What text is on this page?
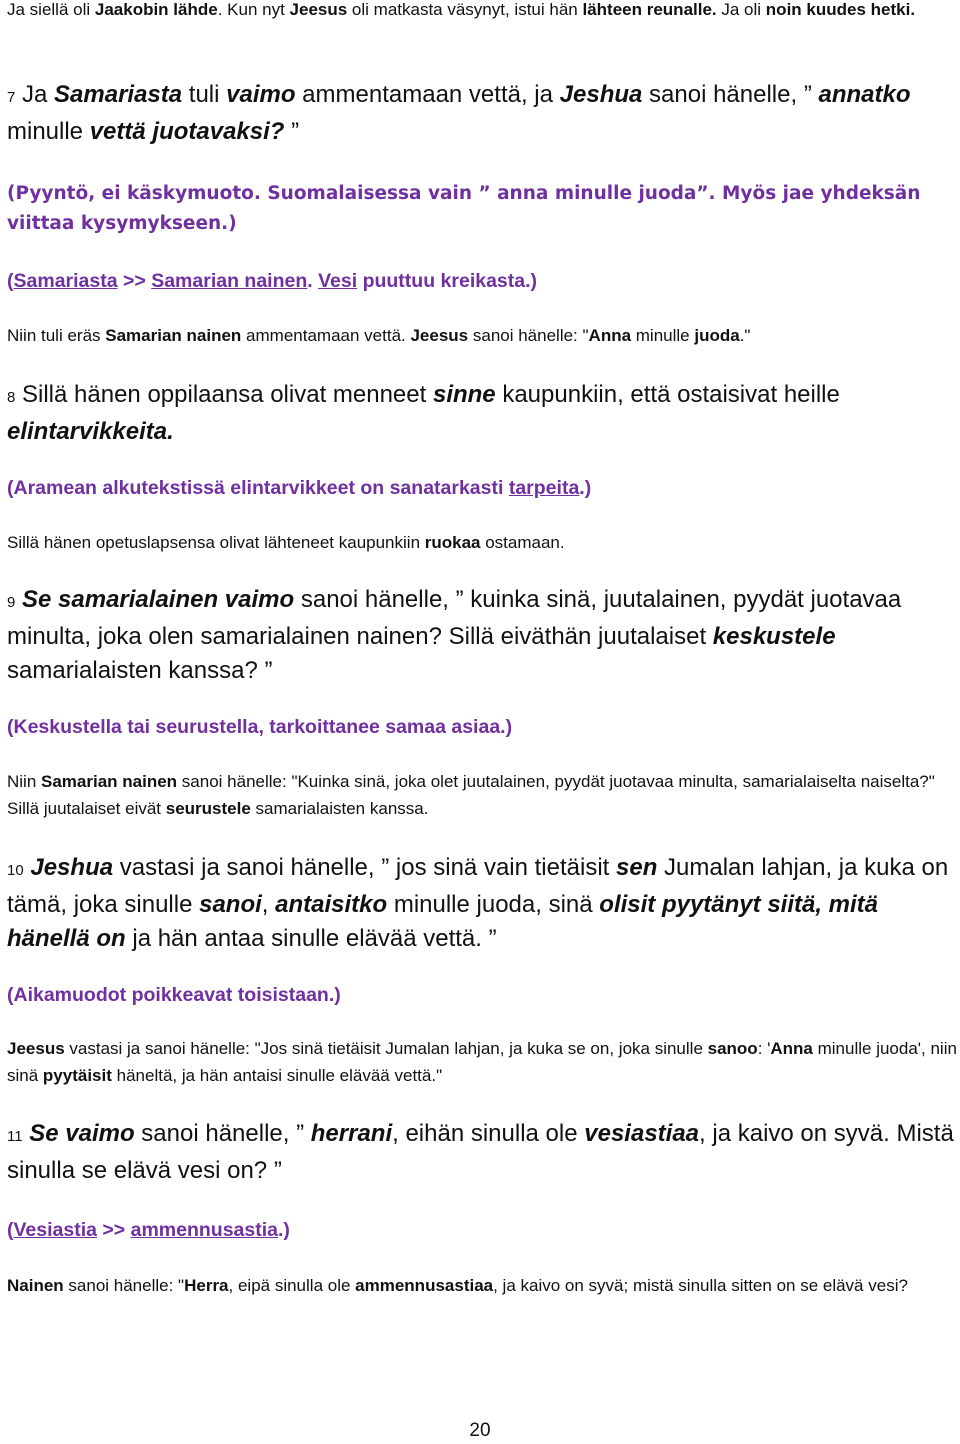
Ja siellä oli Jaakobin lähde. Kun nyt Jeesus oli matkasta väsynyt, istui hän lähteen reunalle. Ja oli noin kuudes hetki.

7 Ja Samariasta tuli vaimo ammentamaan vettä, ja Jeshua sanoi hänelle, ” annatko minulle vettä juotavaksi? ”

(Pyyntö, ei käskymuoto. Suomalaisessa vain ” anna minulle juoda”. Myös jae yhdeksän viittaa kysymykseen.)

(Samariasta >> Samarian nainen. Vesi puuttuu kreikasta.)

Niin tuli eräs Samarian nainen ammentamaan vettä. Jeesus sanoi hänelle: "Anna minulle juoda."

8 Sillä hänen oppilaansa olivat menneet sinne kaupunkiin, että ostaisivat heille elintarvikkeita.

(Aramean alkutekstissä elintarvikkeet on sanatarkasti tarpeita.)

Sillä hänen opetuslapsensa olivat lähteneet kaupunkiin ruokaa ostamaan.

9 Se samarialainen vaimo sanoi hänelle, ” kuinka sinä, juutalainen, pyydät juotavaa minulta, joka olen samarialainen nainen? Sillä eiväthän juutalaiset keskustele samarialaisten kanssa? ”

(Keskustella tai seurustella, tarkoittanee samaa asiaa.)

Niin Samarian nainen sanoi hänelle: "Kuinka sinä, joka olet juutalainen, pyydät juotavaa minulta, samarialaiselta naiselta?" Sillä juutalaiset eivät seurustele samarialaisten kanssa.

10 Jeshua vastasi ja sanoi hänelle, ” jos sinä vain tietäisit sen Jumalan lahjan, ja kuka on tämä, joka sinulle sanoi, antaisitko minulle juoda, sinä olisit pyytänyt siitä, mitä hänellä on ja hän antaa sinulle elävää vettä. ”

(Aikamuodot poikkeavat toisistaan.)

Jeesus vastasi ja sanoi hänelle: "Jos sinä tietäisit Jumalan lahjan, ja kuka se on, joka sinulle sanoo: 'Anna minulle juoda', niin sinä pyytäisit häneltä, ja hän antaisi sinulle elävää vettä."

11 Se vaimo sanoi hänelle, ” herrani, eihän sinulla ole vesiastiaa, ja kaivo on syvä. Mistä sinulla se elävä vesi on? ”

(Vesiastia >> ammennusastia.)

Nainen sanoi hänelle: "Herra, eipä sinulla ole ammennusastiaa, ja kaivo on syvä; mistä sinulla sitten on se elävä vesi?

20
